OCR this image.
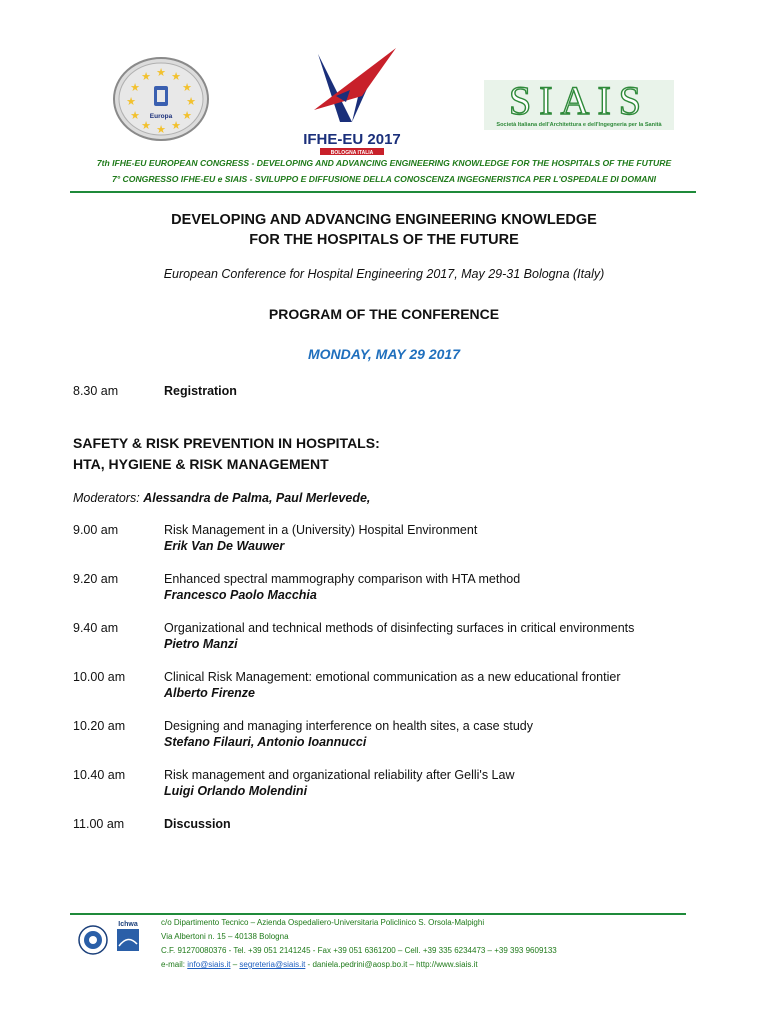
★ ★
★
★
★
★
★
★
★
★
★
★
Europa
IFHE-EU 2017
BOLOGNA ITALIA
SIAIS
Società Italiana dell'Architettura e dell'Ingegneria per la Sanità
7th IFHE-EU EUROPEAN CONGRESS - DEVELOPING AND ADVANCING ENGINEERING KNOWLEDGE FOR THE HOSPITALS OF THE FUTURE
7° CONGRESSO IFHE-EU e SIAIS - SVILUPPO E DIFFUSIONE DELLA CONOSCENZA INGEGNERISTICA PER L'OSPEDALE DI DOMANI
DEVELOPING AND ADVANCING ENGINEERING KNOWLEDGE
FOR THE HOSPITALS OF THE FUTURE
European Conference for Hospital Engineering 2017, May 29-31 Bologna (Italy)
PROGRAM OF THE CONFERENCE
MONDAY, MAY 29 2017
8.30 am	Registration
SAFETY & RISK PREVENTION IN HOSPITALS:
HTA, HYGIENE & RISK MANAGEMENT
Moderators: Alessandra de Palma, Paul Merlevede,
9.00 am	Risk Management in a (University) Hospital Environment
Erik Van De Wauwer
9.20 am	Enhanced spectral mammography comparison with HTA method
Francesco Paolo Macchia
9.40 am	Organizational and technical methods of disinfecting surfaces in critical environments
Pietro Manzi
10.00 am	Clinical Risk Management: emotional communication as a new educational frontier
Alberto Firenze
10.20 am	Designing and managing interference on health sites, a case study
Stefano Filauri, Antonio Ioannucci
10.40 am	Risk management and organizational reliability after Gelli's Law
Luigi Orlando Molendini
11.00 am	Discussion
Ichwa	c/o Dipartimento Tecnico – Azienda Ospedaliero-Universitaria Policlinico S. Orsola-Malpighi
Via Albertoni n. 15 – 40138 Bologna
C.F. 91270080376 - Tel. +39 051 2141245 - Fax +39 051 6361200 – Cell. +39 335 6234473 – +39 393 9609133
e-mail: info@siais.it – segreteria@siais.it - daniela.pedrini@aosp.bo.it – http://www.siais.it
